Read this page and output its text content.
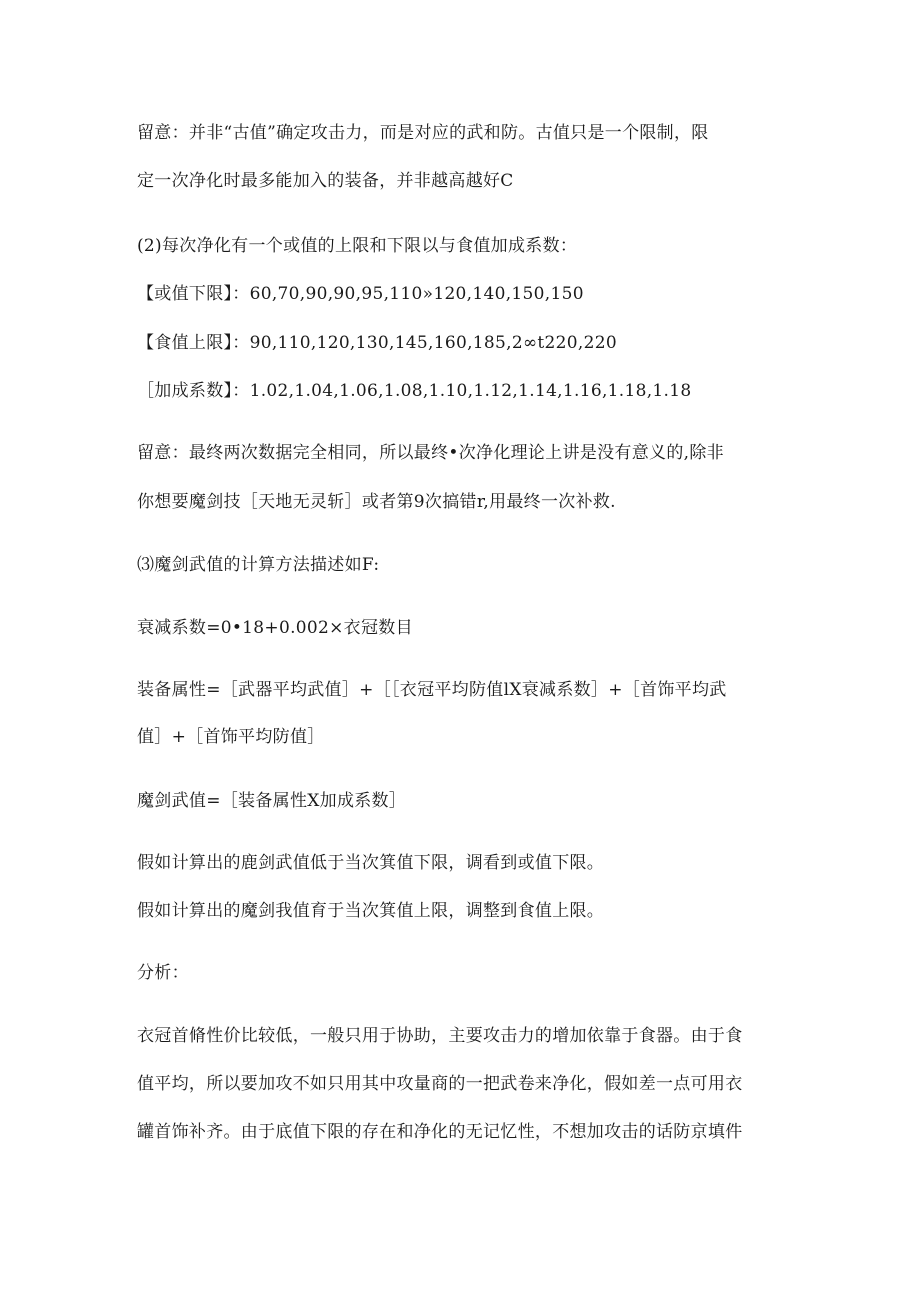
留意：并非“古值”确定攻击力，而是对应的武和防。古值只是一个限制，限
定一次净化时最多能加入的装备，并非越高越好C
(2)每次净化有一个或值的上限和下限以与食值加成系数：
【或值下限】：60,70,90,90,95,110»120,140,150,150
【食值上限】：90,110,120,130,145,160,185,2∞t220,220
［加成系数】：1.02,1.04,1.06,1.08,1.10,1.12,1.14,1.16,1.18,1.18
留意：最终两次数据完全相同，所以最终•次净化理论上讲是没有意义的,除非
你想要魔剑技［天地无灵斩］或者第9次搞错r,用最终一次补救.
⑶魔剑武值的计算方法描述如F:
衰减系数=0•18+0.002×衣冠数目
装备属性=［武器平均武值］+［［衣冠平均防值lX衰减系数］+［首饰平均武
值］+［首饰平均防值］
魔剑武值=［装备属性X加成系数］
假如计算出的鹿剑武值低于当次箕值下限，调看到或值下限。
假如计算出的魔剑我值育于当次箕值上限，调整到食值上限。
分析：
衣冠首脩性价比较低，一般只用于协助，主要攻击力的增加依靠于食器。由于食
值平均，所以要加攻不如只用其中攻量商的一把武卷来净化，假如差一点可用衣
罐首饰补齐。由于底值下限的存在和净化的无记忆性，不想加攻击的话防京填件
